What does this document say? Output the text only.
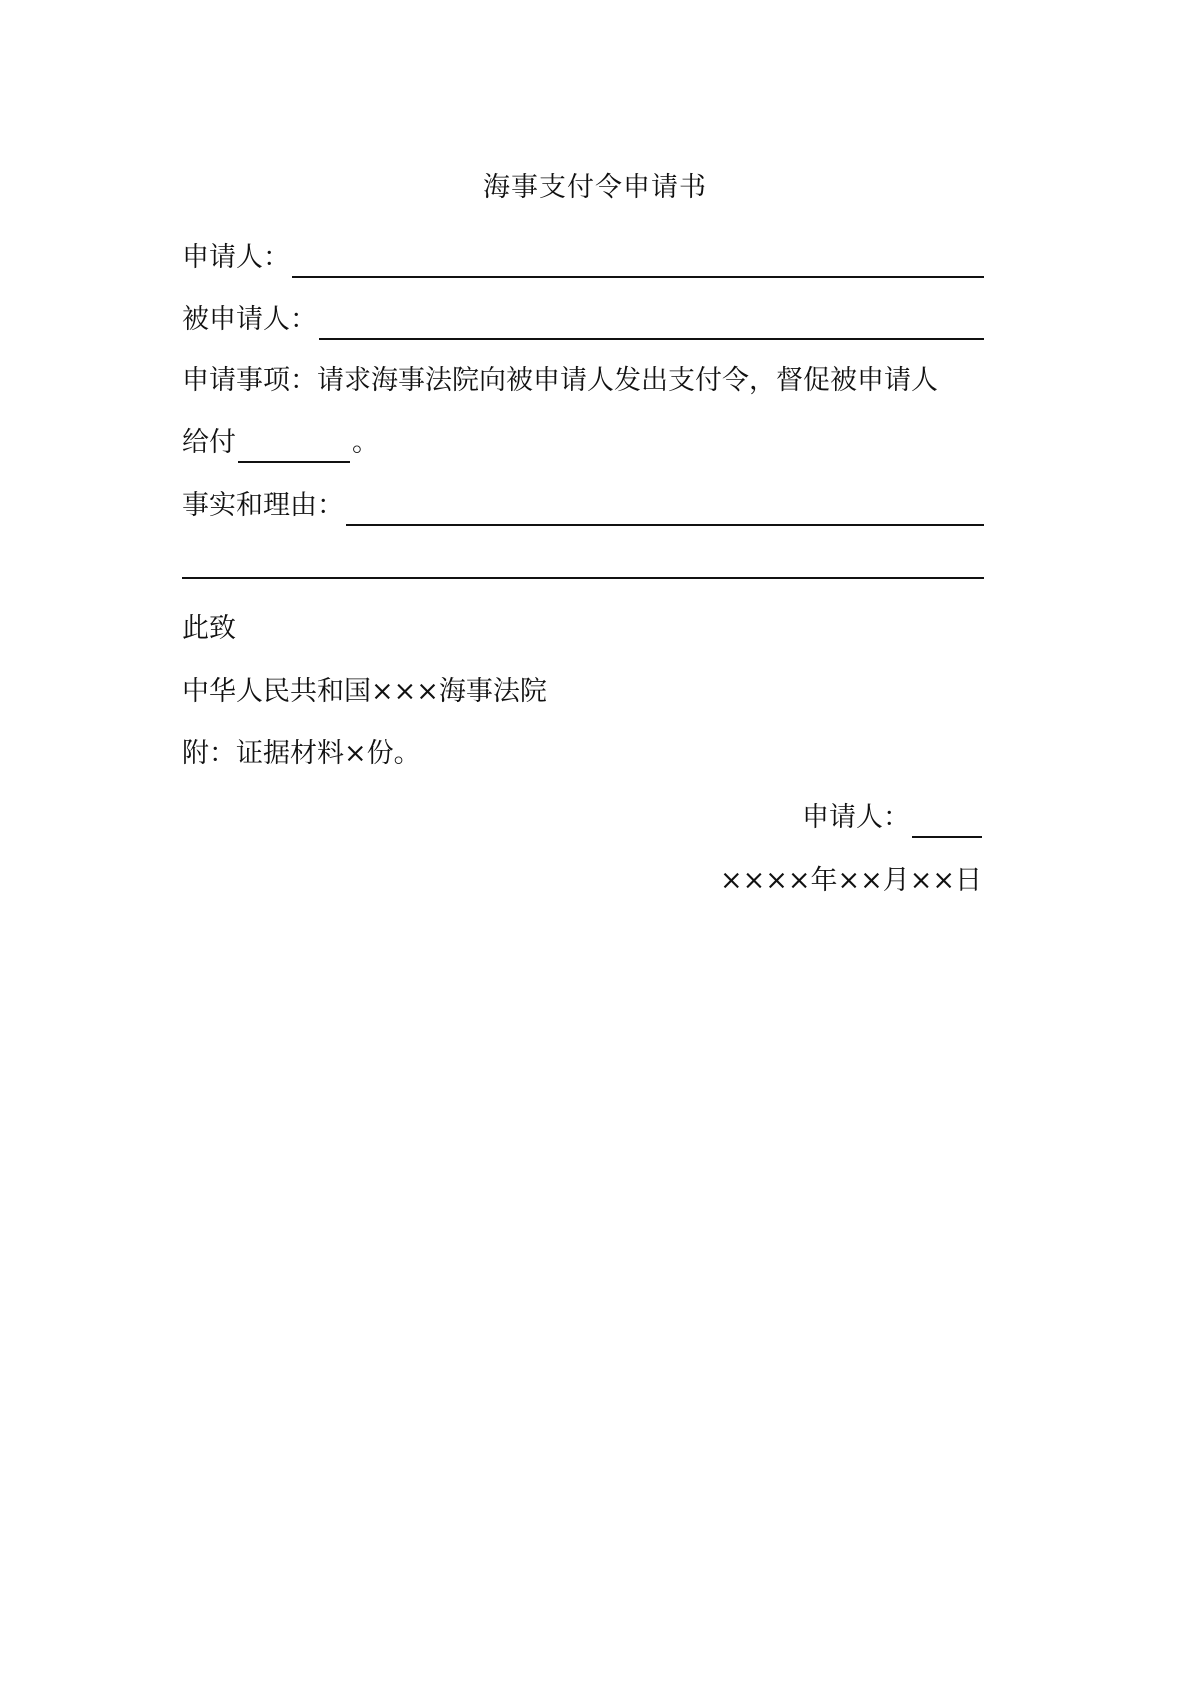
海事支付令申请书
申请人：
被申请人：
申请事项：请求海事法院向被申请人发出支付令，督促被申请人
给付	。
事实和理由：
此致
中华人民共和国×××海事法院
附：证据材料×份。
申请人：
××××年××月××日
